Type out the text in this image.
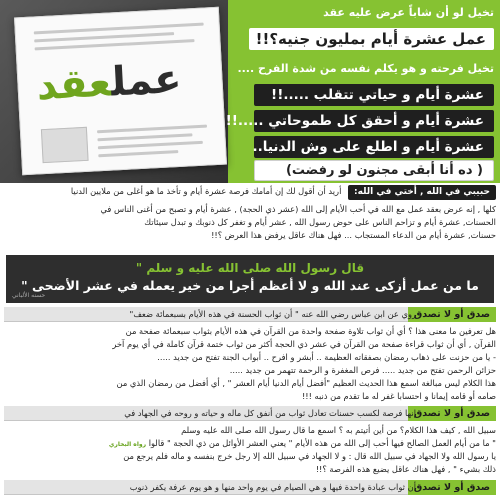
عملعقد
تخيل لو أن شاباً عرض عليه عقد
عمل عشرة أيام بمليون جنيه؟!!
تخيل فرحته و هو يكلم نفسه من شدة الفرح ....
عشرة أيام و حياتي تتقلب .....!!
عشرة أيام و أحقق كل طموحاتي .....!!
عشرة أيام و اطلع على وش الدنيا..
( ده أنا أبقى مجنون لو رفضت)
حبيبي في الله , أختي في الله: أريد أن أقول لك إن أمامك فرصة عشرة أيام و تأخذ ما هو أغلى من ملايين الدنيا
كلها , إنه عرض بعقد عمل مع الله في أحب الأيام إلى الله (عشر ذي الحجة) , عشرة أيام و تصبح من أغنى الناس في
الحسنات, عشرة أيام و تزاحم الناس على حوض رسول الله , عشر أيام و تغفر كل ذنوبك و تبدل سيئاتك
حسنات, عشرة أيام من الدعاء المستجاب ... فهل هناك عاقل يرفض هذا العرض ؟!!
قال رسول الله صلى الله عليه و سلم "
ما من عمل أزكى عند الله و لا أعظم أجرا من خير يعمله في عشر الأضحى "
حسنه الألباني
صدق أو لا تصدق
روي عن ابن عباس رضي الله عنه " أن ثواب الحسنة في هذه الأيام بسبعمائة ضعف"
هل تعرفين ما معنى هذا ؟ أي أن ثواب تلاوة صفحة واحدة من القرآن في هذه الأيام بثواب سبعمائة صفحة من
القرآن , أي أن ثواب قراءة صفحة من القرآن في عشر ذي الحجة أكثر من ثواب ختمة قرآن كاملة في أي يوم آخر
- يا من حزنت على ذهاب رمضان بصفقاته العظيمة .. أبشر و افرح .. أبواب الجنة تفتح من جديد .....
حزائن الرحمن تفتح من جديد ..... فرص المغفرة و الرحمة تتهمر من جديد .....
هذا الكلام ليس مبالغة اسمع هذا الحديث العظيم "أفضل أيام الدنيا أيام العشر " , أي أفضل من رمضان الذي من
صامه أو قامه إيمانا و احتسابا غفر له ما تقدم من ذنبه !!!
صدق أو لا تصدق
إنها فرصة لكسب حسنات تعادل ثواب من أنفق كل ماله و حياته و روحه في الجهاد في
سبيل الله , كيف هذا الكلام؟ من أين أتيتم به ؟ اسمع ما قال رسول الله صلى الله عليه وسلم
" ما من أيام العمل الصالح فيها أحب إلى الله من هذه الأيام " يعني العشر الأوائل من ذي الحجة " قالوا رواه البخاري
يا رسول الله ولا الجهاد في سبيل الله قال : و لا الجهاد في سبيل الله إلا رجل خرج بنفسه و ماله فلم يرجع من
ذلك بشيء " , فهل هناك عاقل يضيع هذه الفرصة ؟!!
صدق أو لا تصدق
أن ثواب عبادة واحدة فيها و هي الصيام في يوم واحد منها و هو يوم عرفة يكفر ذنوب
